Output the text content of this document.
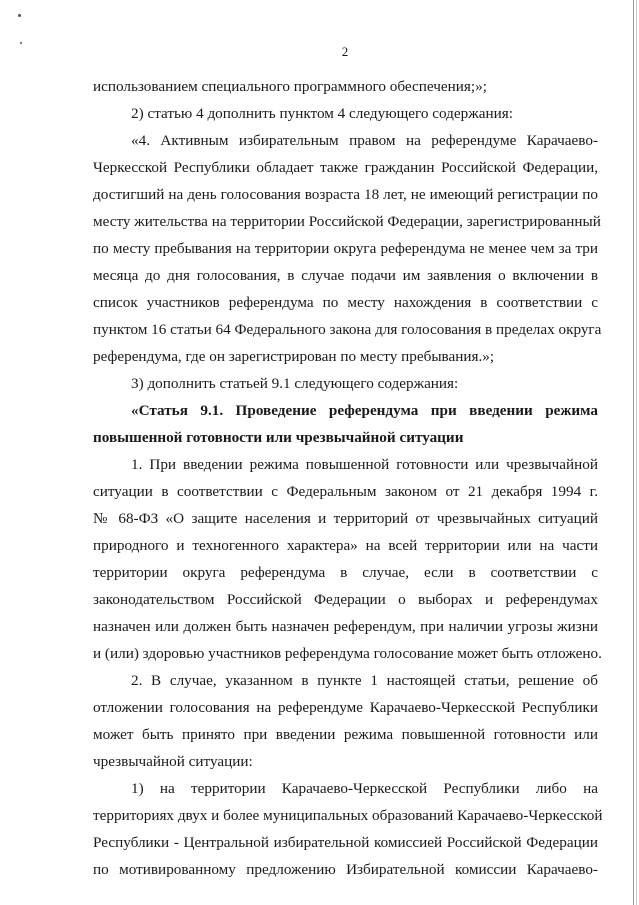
2
использованием специального программного обеспечения;»;
2) статью 4 дополнить пунктом 4 следующего содержания:
«4. Активным избирательным правом на референдуме Карачаево-
Черкесской Республики обладает также гражданин Российской Федерации,
достигший на день голосования возраста 18 лет, не имеющий регистрации по
месту жительства на территории Российской Федерации, зарегистрированный
по месту пребывания на территории округа референдума не менее чем за три
месяца до дня голосования, в случае подачи им заявления о включении в
список участников референдума по месту нахождения в соответствии с
пунктом 16 статьи 64 Федерального закона для голосования в пределах округа
референдума, где он зарегистрирован по месту пребывания.»;
3) дополнить статьей 9.1 следующего содержания:
«Статья 9.1. Проведение референдума при введении режима
повышенной готовности или чрезвычайной ситуации
1. При введении режима повышенной готовности или чрезвычайной
ситуации в соответствии с Федеральным законом от 21 декабря 1994 г.
№ 68-ФЗ «О защите населения и территорий от чрезвычайных ситуаций
природного и техногенного характера» на всей территории или на части
территории округа референдума в случае, если в соответствии с
законодательством Российской Федерации о выборах и референдумах
назначен или должен быть назначен референдум, при наличии угрозы жизни
и (или) здоровью участников референдума голосование может быть отложено.
2. В случае, указанном в пункте 1 настоящей статьи, решение об
отложении голосования на референдуме Карачаево-Черкесской Республики
может быть принято при введении режима повышенной готовности или
чрезвычайной ситуации:
1) на территории Карачаево-Черкесской Республики либо на
территориях двух и более муниципальных образований Карачаево-Черкесской
Республики - Центральной избирательной комиссией Российской Федерации
по мотивированному предложению Избирательной комиссии Карачаево-
